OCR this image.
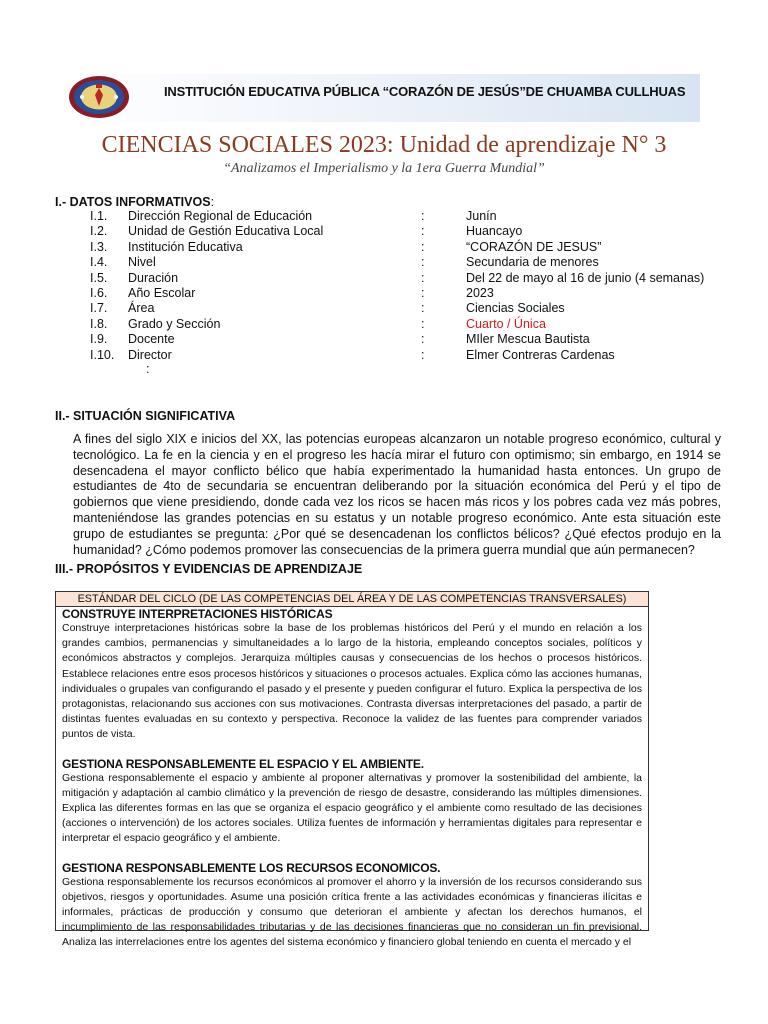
INSTITUCIÓN EDUCATIVA PÚBLICA “CORAZÓN DE JESÚS”DE CHUAMBA CULLHUAS
CIENCIAS SOCIALES 2023: Unidad de aprendizaje N° 3
“Analizamos el Imperialismo y la 1era Guerra Mundial”
I.- DATOS INFORMATIVOS:
I.1. Dirección Regional de Educación	:	Junín
I.2. Unidad de Gestión Educativa Local	:	Huancayo
I.3. Institución Educativa	:	“CORAZÓN DE JESUS”
I.4. Nivel	:	Secundaria de menores
I.5. Duración	:	Del 22 de mayo al 16 de junio (4 semanas)
I.6. Año Escolar	:	2023
I.7. Área	:	Ciencias Sociales
I.8. Grado y Sección	:	Cuarto / Única
I.9. Docente	:	MIler Mescua Bautista
I.10. Director	:	Elmer Contreras Cardenas
:
II.- SITUACIÓN SIGNIFICATIVA

A fines del siglo XIX e inicios del XX, las potencias europeas alcanzaron un notable progreso económico, cultural y tecnológico. La fe en la ciencia y en el progreso les hacía mirar el futuro con optimismo; sin embargo, en 1914 se desencadena el mayor conflicto bélico que había experimentado la humanidad hasta entonces. Un grupo de estudiantes de 4to de secundaria se encuentran deliberando por la situación económica del Perú y el tipo de gobiernos que viene presidiendo, donde cada vez los ricos se hacen más ricos y los pobres cada vez más pobres, manteniéndose las grandes potencias en su estatus y un notable progreso económico. Ante esta situación este grupo de estudiantes se pregunta: ¿Por qué se desencadenan los conflictos bélicos? ¿Qué efectos produjo en la humanidad? ¿Cómo podemos promover las consecuencias de la primera guerra mundial que aún permanecen?

III.- PROPÓSITOS Y EVIDENCIAS DE APRENDIZAJE
ESTÁNDAR DEL CICLO (DE LAS COMPETENCIAS DEL ÁREA Y DE LAS COMPETENCIAS TRANSVERSALES)

CONSTRUYE INTERPRETACIONES HISTÓRICAS

Construye interpretaciones históricas sobre la base de los problemas históricos del Perú y el mundo en relación a los grandes cambios, permanencias y simultaneidades a lo largo de la historia, empleando conceptos sociales, políticos y económicos abstractos y complejos. Jerarquiza múltiples causas y consecuencias de los hechos o procesos históricos. Establece relaciones entre esos procesos históricos y situaciones o procesos actuales. Explica cómo las acciones humanas, individuales o grupales van configurando el pasado y el presente y pueden configurar el futuro. Explica la perspectiva de los protagonistas, relacionando sus acciones con sus motivaciones. Contrasta diversas interpretaciones del pasado, a partir de distintas fuentes evaluadas en su contexto y perspectiva. Reconoce la validez de las fuentes para comprender variados puntos de vista.

GESTIONA RESPONSABLEMENTE EL ESPACIO Y EL AMBIENTE.

Gestiona responsablemente el espacio y ambiente al proponer alternativas y promover la sostenibilidad del ambiente, la mitigación y adaptación al cambio climático y la prevención de riesgo de desastre, considerando las múltiples dimensiones. Explica las diferentes formas en las que se organiza el espacio geográfico y el ambiente como resultado de las decisiones (acciones o intervención) de los actores sociales. Utiliza fuentes de información y herramientas digitales para representar e interpretar el espacio geográfico y el ambiente.

GESTIONA RESPONSABLEMENTE LOS RECURSOS ECONOMICOS.

Gestiona responsablemente los recursos económicos al promover el ahorro y la inversión de los recursos considerando sus objetivos, riesgos y oportunidades. Asume una posición crítica frente a las actividades económicas y financieras ilícitas e informales, prácticas de producción y consumo que deterioran el ambiente y afectan los derechos humanos, el incumplimiento de las responsabilidades tributarias y de las decisiones financieras que no consideran un fin previsional. Analiza las interrelaciones entre los agentes del sistema económico y financiero global teniendo en cuenta el mercado y el
